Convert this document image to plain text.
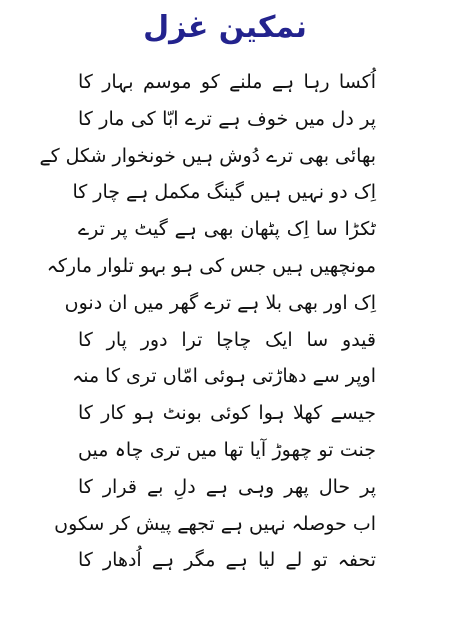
نمکین غزل
اُکسا رہا ہے ملنے کو موسم بہار کا
پر دل میں خوف ہے ترے ابّا کی مار کا
بھائی بھی ترے دُوش ہیں خونخوار شکل کے
اِک دو نہیں ہیں گینگ مکمل ہے چار کا
ٹکڑا سا اِک پٹھان بھی ہے گیٹ پر ترے
مونچھیں ہیں جس کی ہو بہو تلوار مارکہ
اِک اور بھی بلا ہے ترے گھر میں ان دنوں
قیدو سا ایک چاچا ترا دور پار کا
اوپر سے دھاڑتی ہوئی امّاں تری کا منہ
جیسے کھلا ہوا کوئی بونٹ ہو کار کا
جنت تو چھوڑ آیا تھا میں تری چاہ میں
پر حال پھر وہی ہے دلِ بے قرار کا
اب حوصلہ نہیں ہے تجھے پیش کر سکوں
تحفہ تو لے لیا ہے مگر ہے اُدھار کا
